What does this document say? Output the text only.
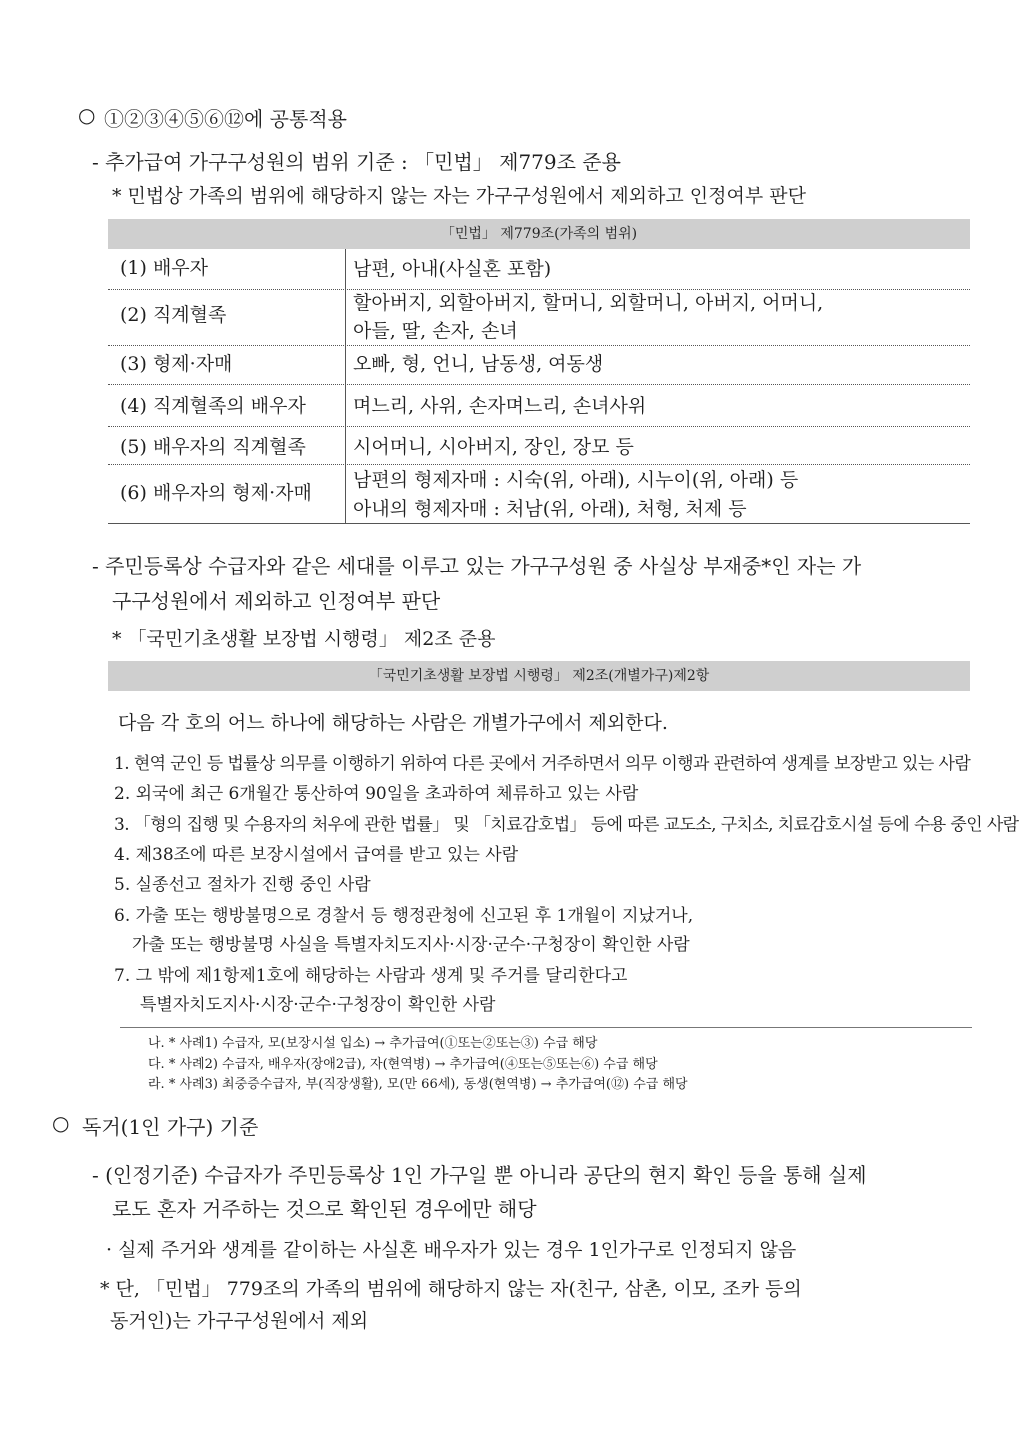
○ ①②③④⑤⑥⑫에 공통적용
- 추가급여 가구구성원의 범위 기준 : 「민법」 제779조 준용
* 민법상 가족의 범위에 해당하지 않는 자는 가구구성원에서 제외하고 인정여부 판단
「민법」 제779조(가족의 범위)
(1) 배우자	남편, 아내(사실혼 포함)
(2) 직계혈족
할아버지, 외할아버지, 할머니, 외할머니, 아버지, 어머니,
아들, 딸, 손자, 손녀
(3) 형제·자매	오빠, 형, 언니, 남동생, 여동생
(4) 직계혈족의 배우자 며느리, 사위, 손자며느리, 손녀사위
(5) 배우자의 직계혈족 시어머니, 시아버지, 장인, 장모 등
(6) 배우자의 형제·자매
남편의 형제자매 : 시숙(위, 아래), 시누이(위, 아래) 등
아내의 형제자매 : 처남(위, 아래), 처형, 처제 등
- 주민등록상 수급자와 같은 세대를 이루고 있는 가구구성원 중 사실상 부재중*인 자는 가
구구성원에서 제외하고 인정여부 판단
* 「국민기초생활 보장법 시행령」 제2조 준용
「국민기초생활 보장법 시행령」 제2조(개별가구)제2항
다음 각 호의 어느 하나에 해당하는 사람은 개별가구에서 제외한다.
1. 현역 군인 등 법률상 의무를 이행하기 위하여 다른 곳에서 거주하면서 의무 이행과 관련하여 생계를 보장받고 있는 사람
2. 외국에 최근 6개월간 통산하여 90일을 초과하여 체류하고 있는 사람
3. 「형의 집행 및 수용자의 처우에 관한 법률」 및 「치료감호법」 등에 따른 교도소, 구치소, 치료감호시설 등에 수용 중인 사람
4. 제38조에 따른 보장시설에서 급여를 받고 있는 사람
5. 실종선고 절차가 진행 중인 사람
6. 가출 또는 행방불명으로 경찰서 등 행정관청에 신고된 후 1개월이 지났거나,
가출 또는 행방불명 사실을 특별자치도지사·시장·군수·구청장이 확인한 사람
7. 그 밖에 제1항제1호에 해당하는 사람과 생계 및 주거를 달리한다고
특별자치도지사·시장·군수·구청장이 확인한 사람
나. * 사례1) 수급자, 모(보장시설 입소) → 추가급여(①또는②또는③) 수급 해당
다. * 사례2) 수급자, 배우자(장애2급), 자(현역병) → 추가급여(④또는⑤또는⑥) 수급 해당
라. * 사례3) 최중증수급자, 부(직장생활), 모(만 66세), 동생(현역병) → 추가급여(⑫) 수급 해당
○ 독거(1인 가구) 기준
- (인정기준) 수급자가 주민등록상 1인 가구일 뿐 아니라 공단의 현지 확인 등을 통해 실제
로도 혼자 거주하는 것으로 확인된 경우에만 해당
· 실제 주거와 생계를 같이하는 사실혼 배우자가 있는 경우 1인가구로 인정되지 않음
* 단, 「민법」 779조의 가족의 범위에 해당하지 않는 자(친구, 삼촌, 이모, 조카 등의
동거인)는 가구구성원에서 제외
